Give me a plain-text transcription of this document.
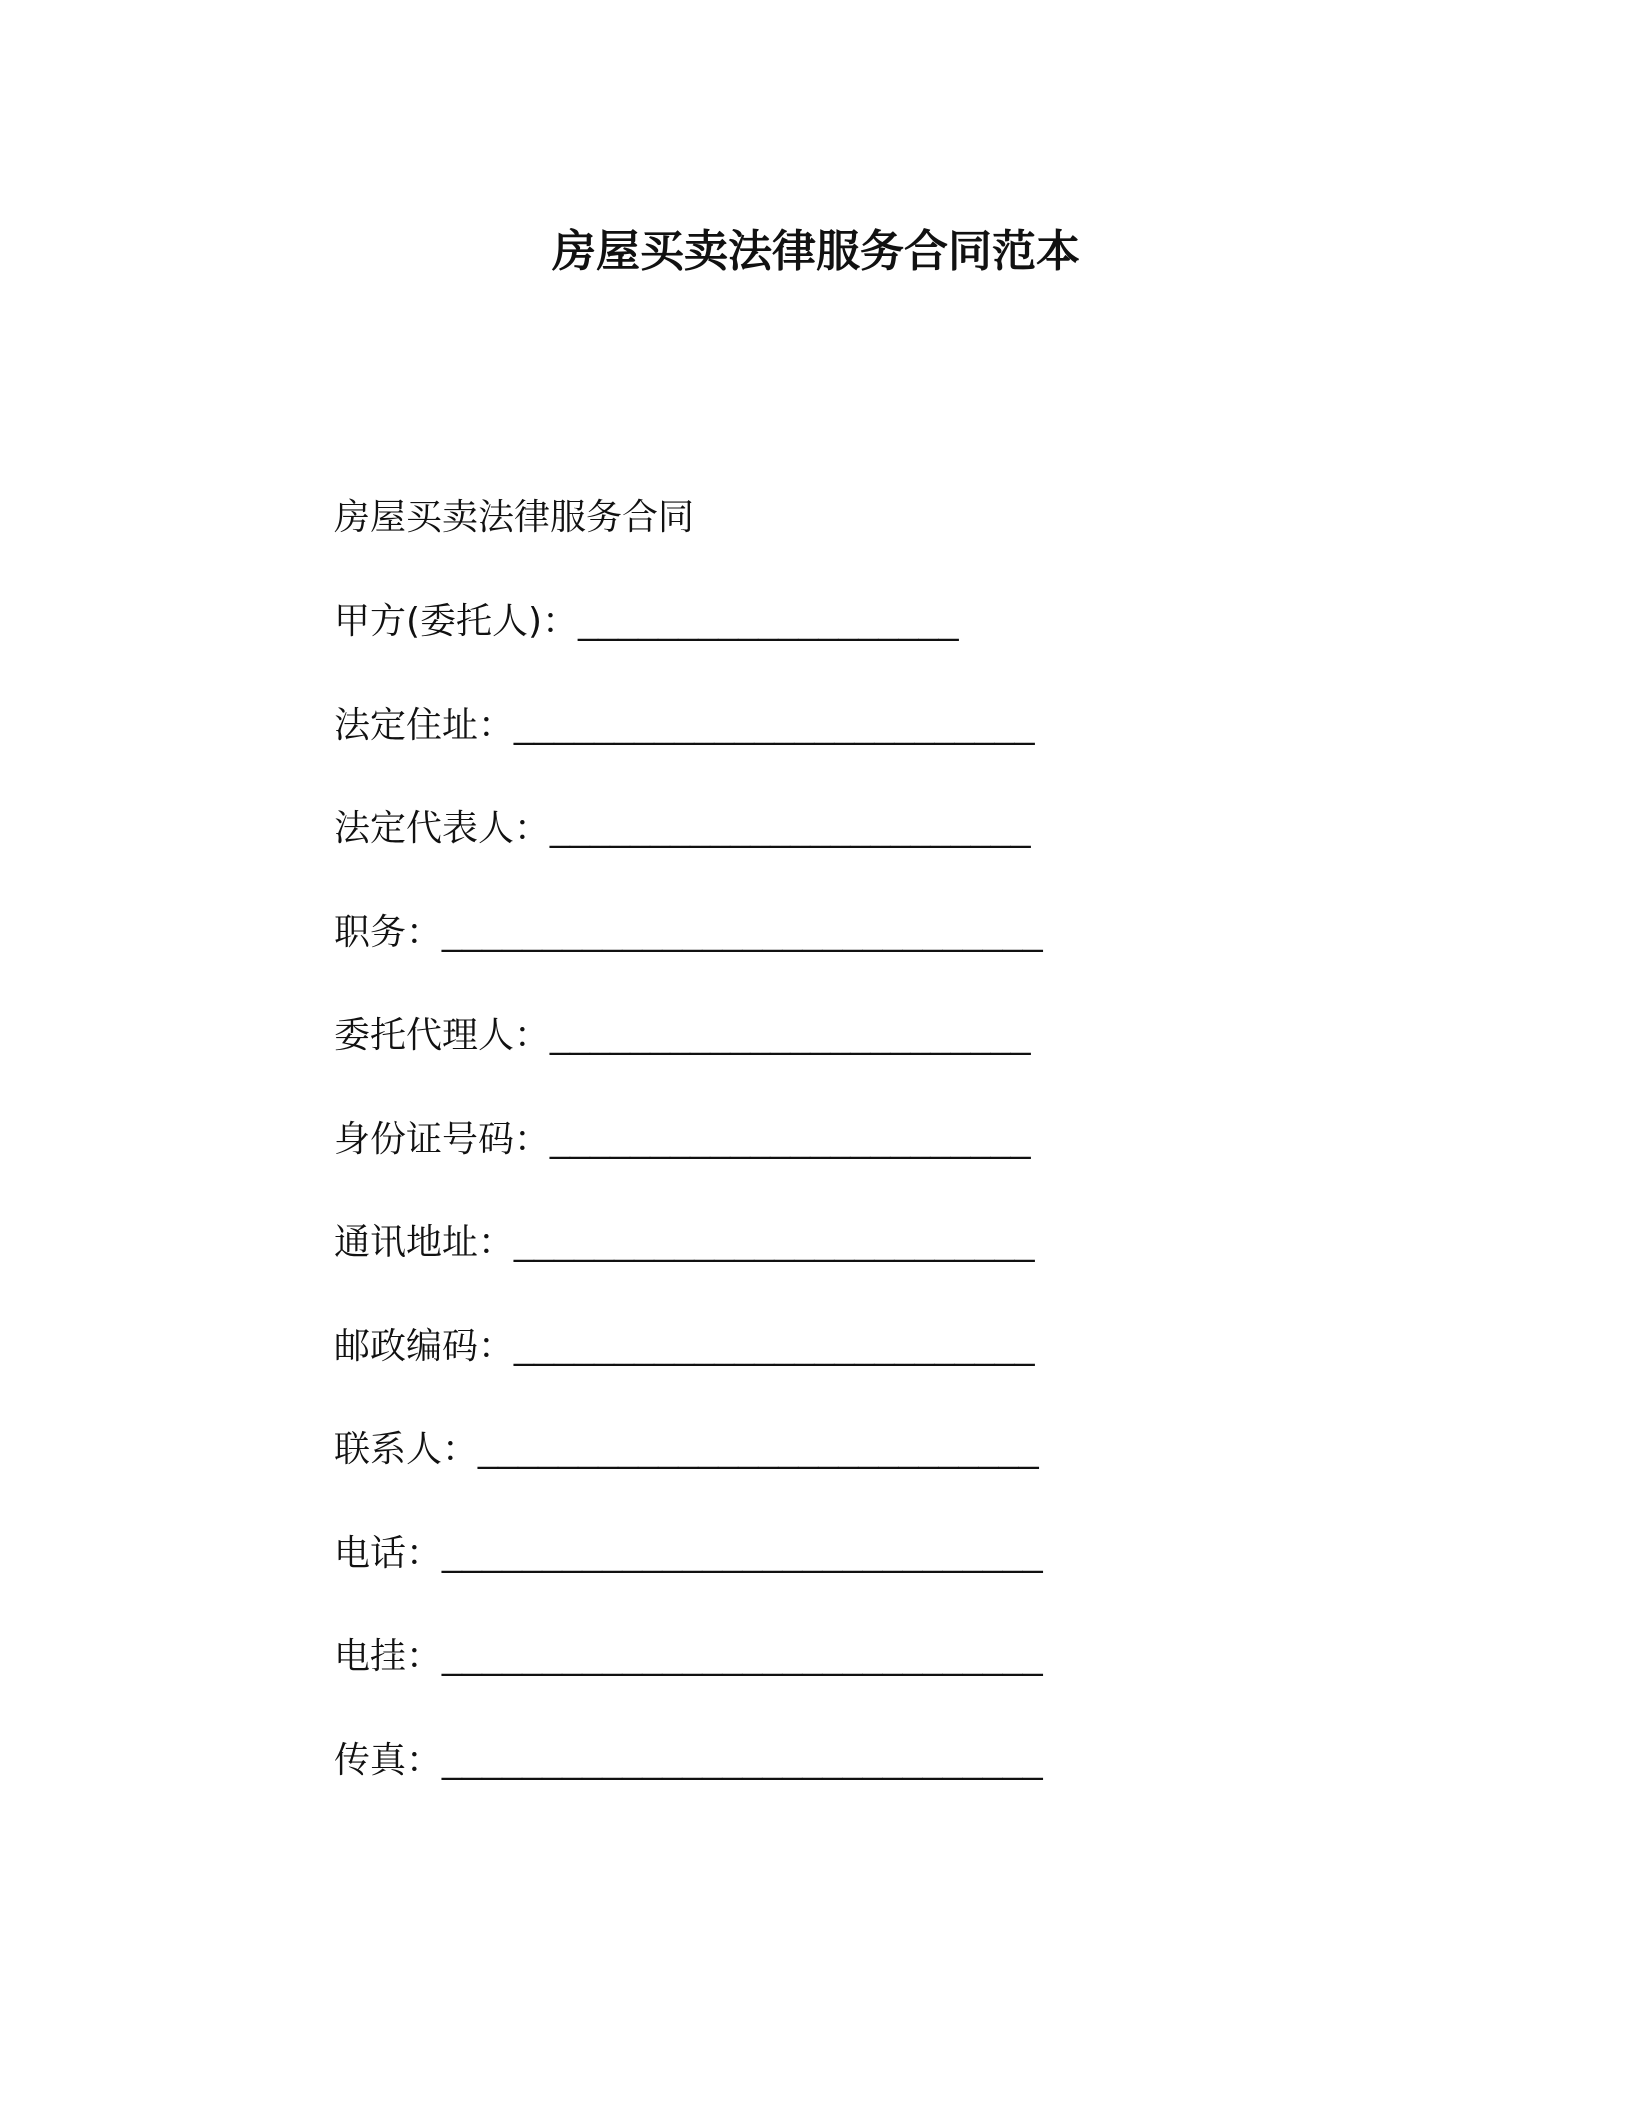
房屋买卖法律服务合同范本
房屋买卖法律服务合同
甲方(委托人)： ___________________
法定住址： __________________________
法定代表人： ________________________
职务： ______________________________
委托代理人： ________________________
身份证号码： ________________________
通讯地址： __________________________
邮政编码： __________________________
联系人： ____________________________
电话： ______________________________
电挂： ______________________________
传真： ______________________________
